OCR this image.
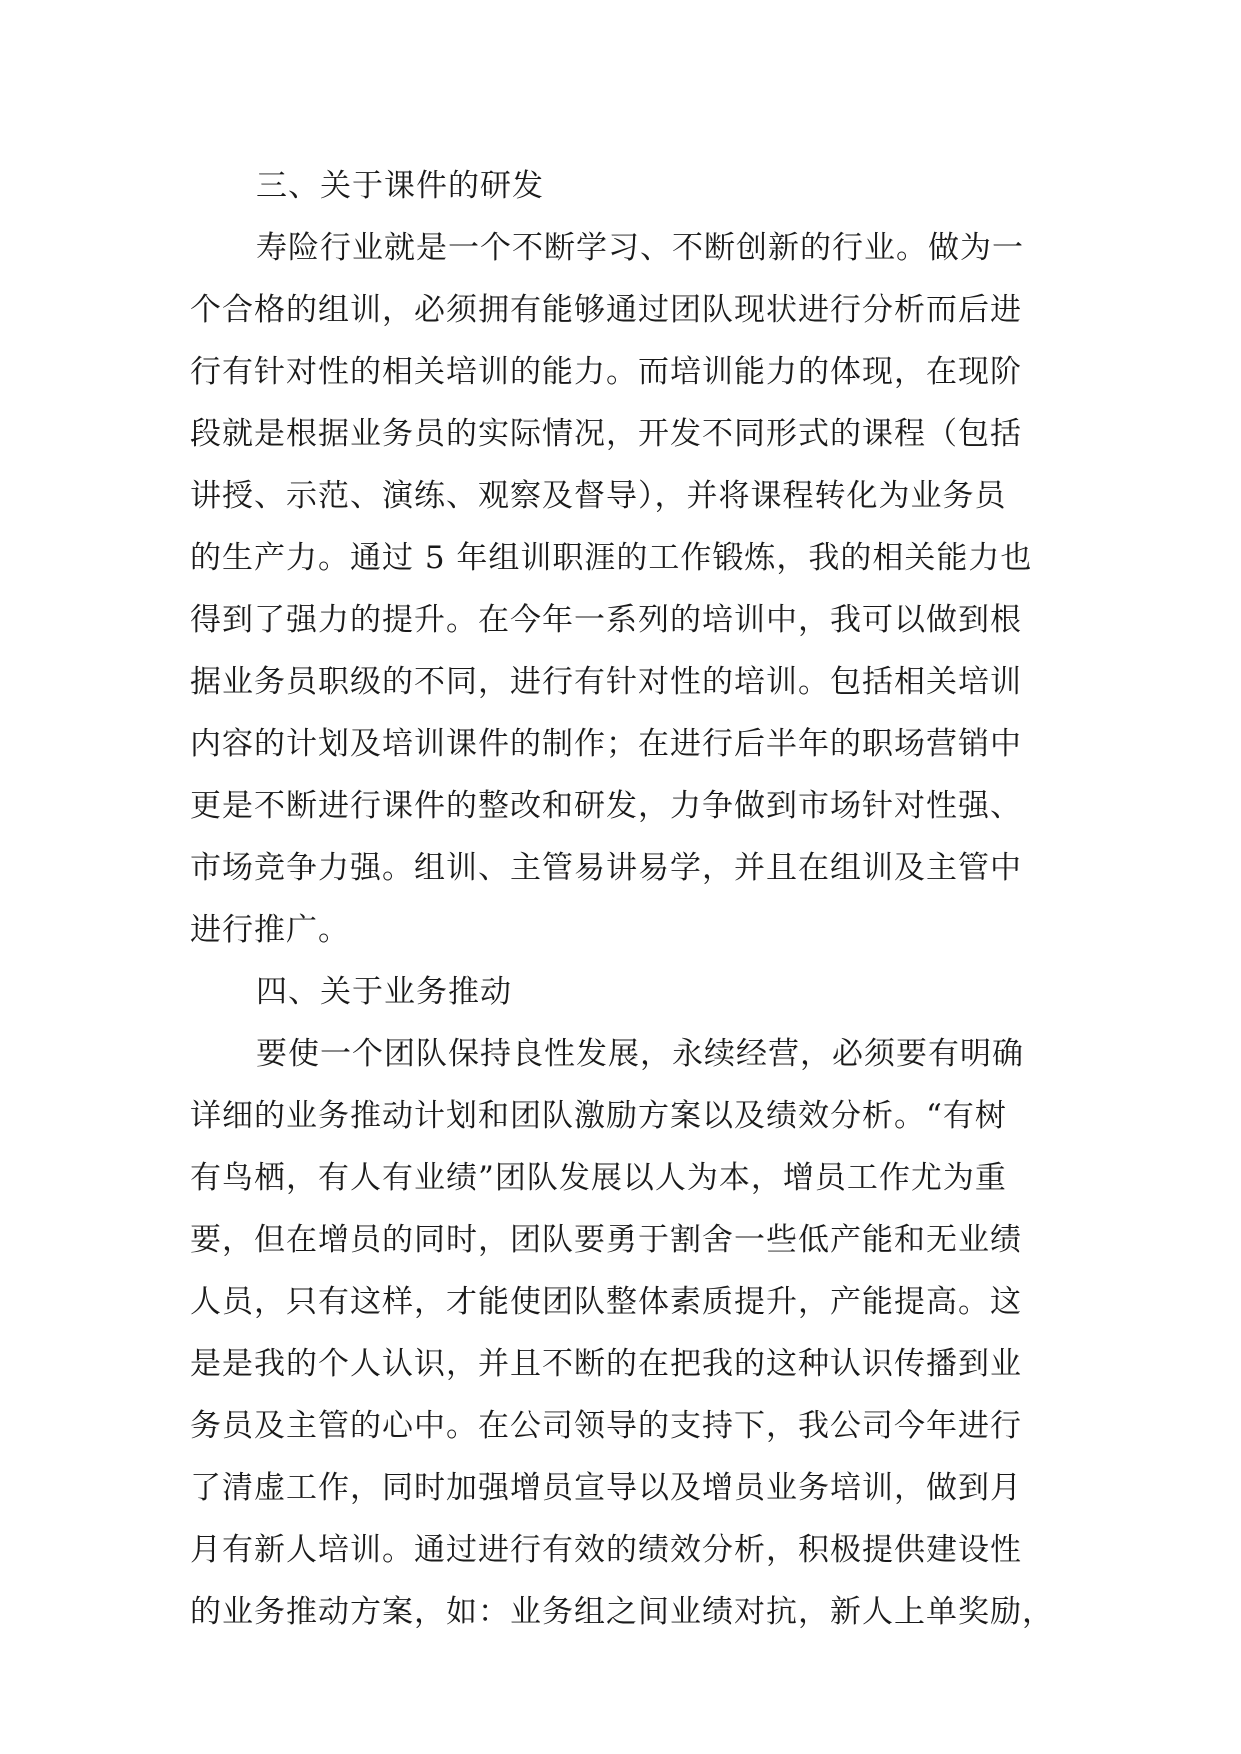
三、关于课件的研发
寿险行业就是一个不断学习、不断创新的行业。做为一
个合格的组训，必须拥有能够通过团队现状进行分析而后进
行有针对性的相关培训的能力。而培训能力的体现，在现阶
段就是根据业务员的实际情况，开发不同形式的课程（包括
讲授、示范、演练、观察及督导），并将课程转化为业务员
的生产力。通过 5 年组训职涯的工作锻炼，我的相关能力也
得到了强力的提升。在今年一系列的培训中，我可以做到根
据业务员职级的不同，进行有针对性的培训。包括相关培训
内容的计划及培训课件的制作；在进行后半年的职场营销中
更是不断进行课件的整改和研发，力争做到市场针对性强、
市场竞争力强。组训、主管易讲易学，并且在组训及主管中
进行推广。
四、关于业务推动
要使一个团队保持良性发展，永续经营，必须要有明确
详细的业务推动计划和团队激励方案以及绩效分析。“有树
有鸟栖，有人有业绩”团队发展以人为本，增员工作尤为重
要，但在增员的同时，团队要勇于割舍一些低产能和无业绩
人员，只有这样，才能使团队整体素质提升，产能提高。这
是是我的个人认识，并且不断的在把我的这种认识传播到业
务员及主管的心中。在公司领导的支持下，我公司今年进行
了清虚工作，同时加强增员宣导以及增员业务培训，做到月
月有新人培训。通过进行有效的绩效分析，积极提供建设性
的业务推动方案，如：业务组之间业绩对抗，新人上单奖励，
